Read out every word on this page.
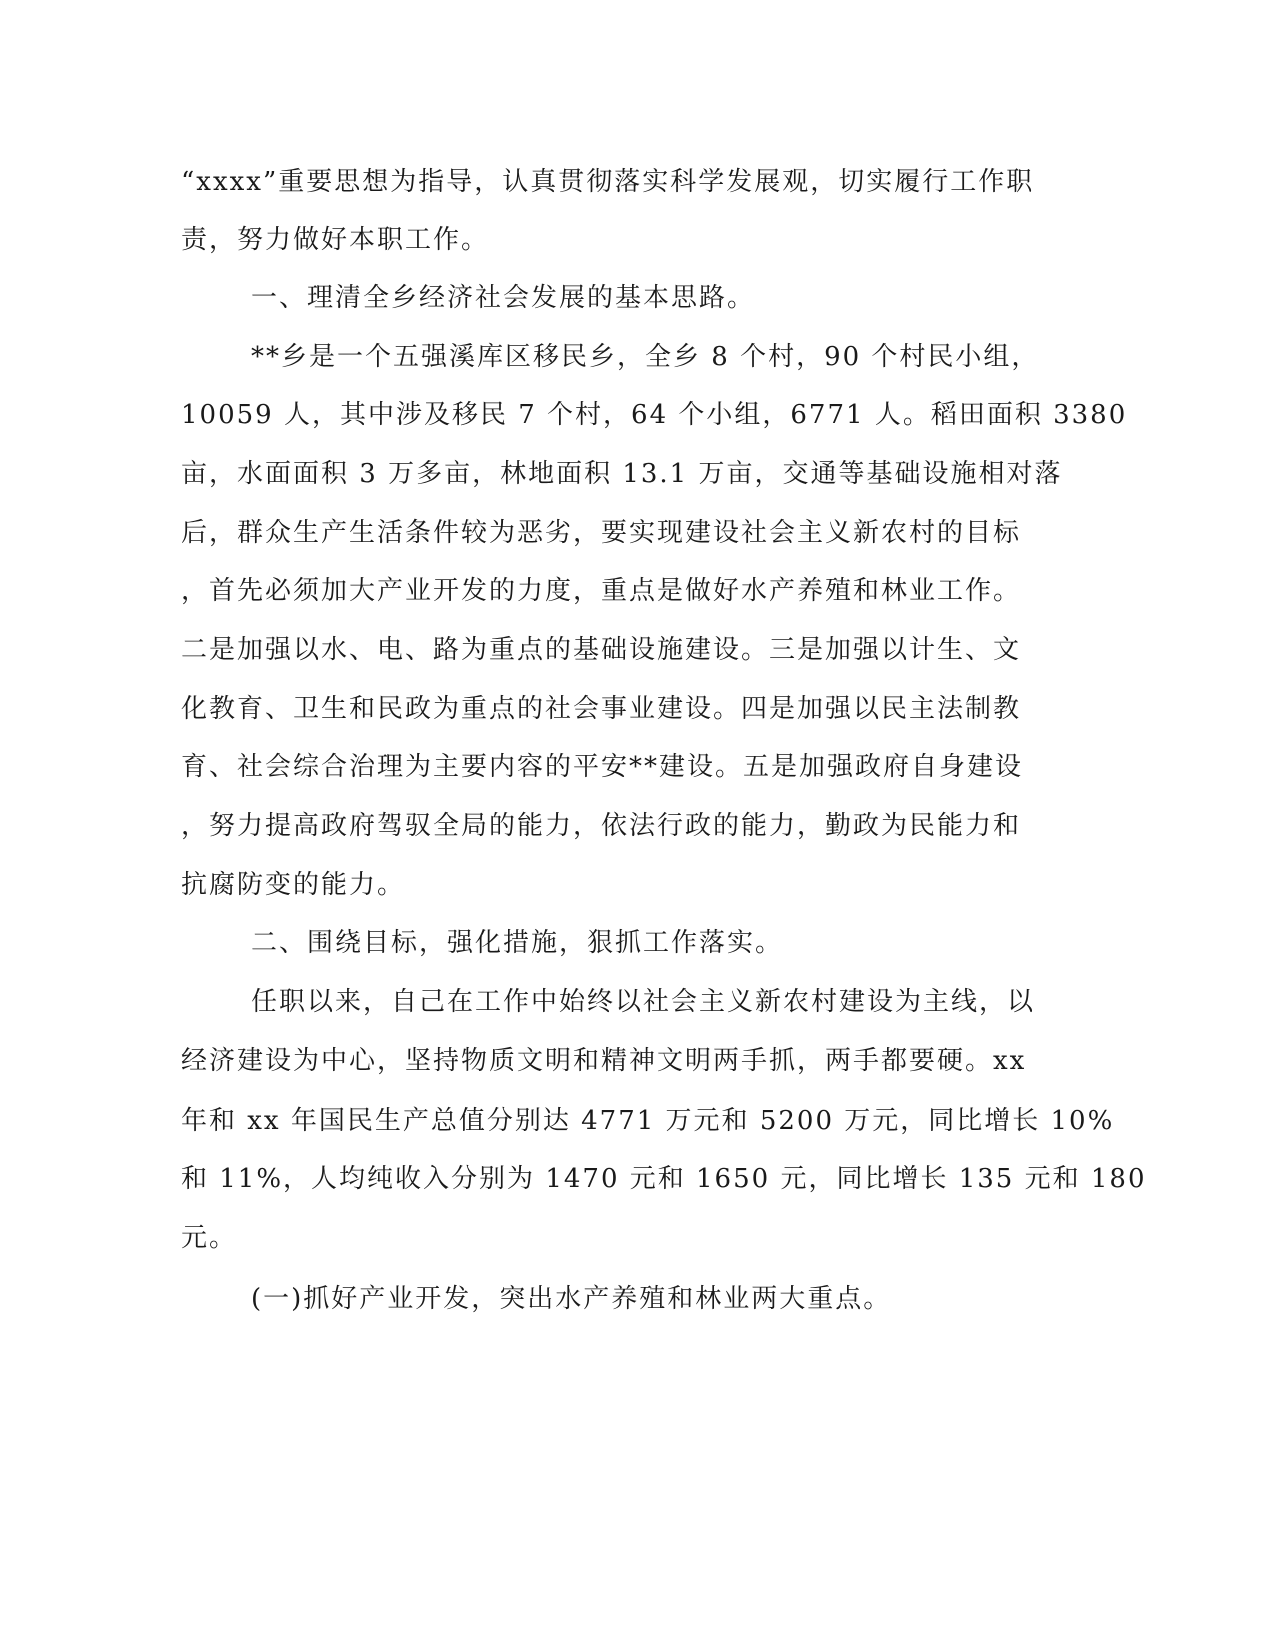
“xxxx”重要思想为指导，认真贯彻落实科学发展观，切实履行工作职
责，努力做好本职工作。
一、理清全乡经济社会发展的基本思路。
**乡是一个五强溪库区移民乡，全乡 8 个村，90 个村民小组，
10059 人，其中涉及移民 7 个村，64 个小组，6771 人。稻田面积 3380
亩，水面面积 3 万多亩，林地面积 13.1 万亩，交通等基础设施相对落
后，群众生产生活条件较为恶劣，要实现建设社会主义新农村的目标
，首先必须加大产业开发的力度，重点是做好水产养殖和林业工作。
二是加强以水、电、路为重点的基础设施建设。三是加强以计生、文
化教育、卫生和民政为重点的社会事业建设。四是加强以民主法制教
育、社会综合治理为主要内容的平安**建设。五是加强政府自身建设
，努力提高政府驾驭全局的能力，依法行政的能力，勤政为民能力和
抗腐防变的能力。
二、围绕目标，强化措施，狠抓工作落实。
任职以来，自己在工作中始终以社会主义新农村建设为主线，以
经济建设为中心，坚持物质文明和精神文明两手抓，两手都要硬。xx
年和 xx 年国民生产总值分别达 4771 万元和 5200 万元，同比增长 10%
和 11%，人均纯收入分别为 1470 元和 1650 元，同比增长 135 元和 180
元。
(一)抓好产业开发，突出水产养殖和林业两大重点。
